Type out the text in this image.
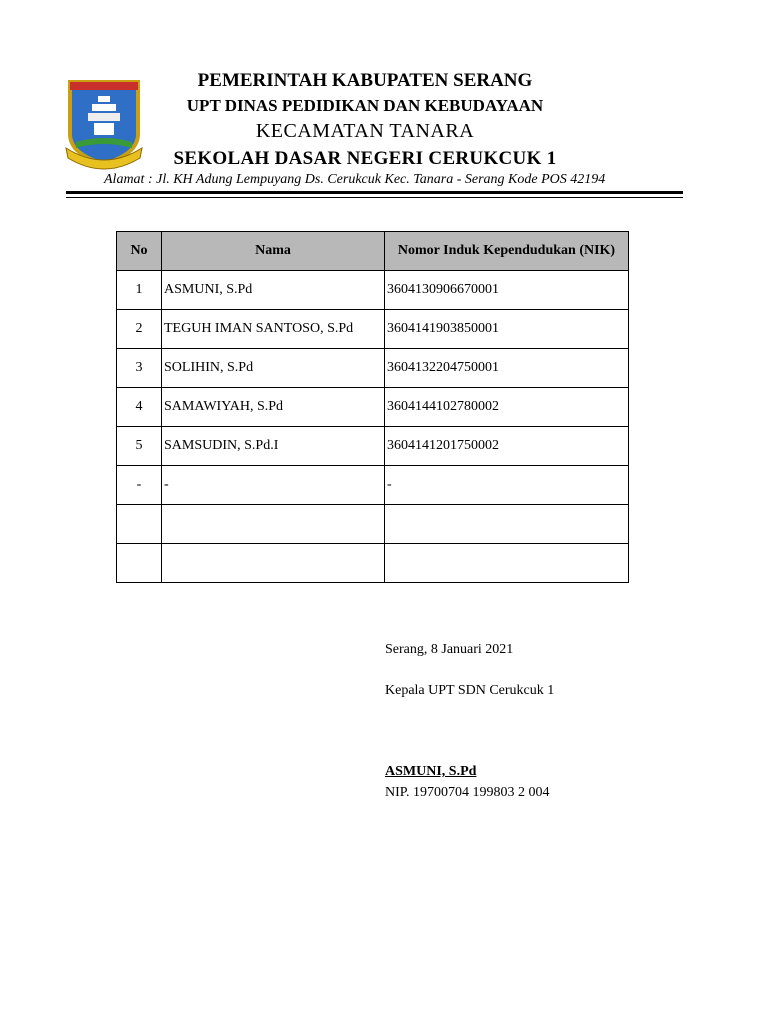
PEMERINTAH KABUPATEN SERANG
UPT DINAS PEDIDIKAN DAN KEBUDAYAAN
KECAMATAN TANARA
SEKOLAH DASAR NEGERI CERUKCUK 1
Alamat : Jl. KH Adung Lempuyang Ds. Cerukcuk Kec. Tanara - Serang Kode POS 42194
No	Nama	Nomor Induk Kependudukan (NIK)
1	ASMUNI, S.Pd	3604130906670001
2	TEGUH IMAN SANTOSO, S.Pd	3604141903850001
3	SOLIHIN, S.Pd	3604132204750001
4	SAMAWIYAH, S.Pd	3604144102780002
5	SAMSUDIN, S.Pd.I	3604141201750002
-	-	-

Serang, 8 Januari 2021
Kepala UPT SDN Cerukcuk 1
ASMUNI, S.Pd
NIP. 19700704 199803 2 004
